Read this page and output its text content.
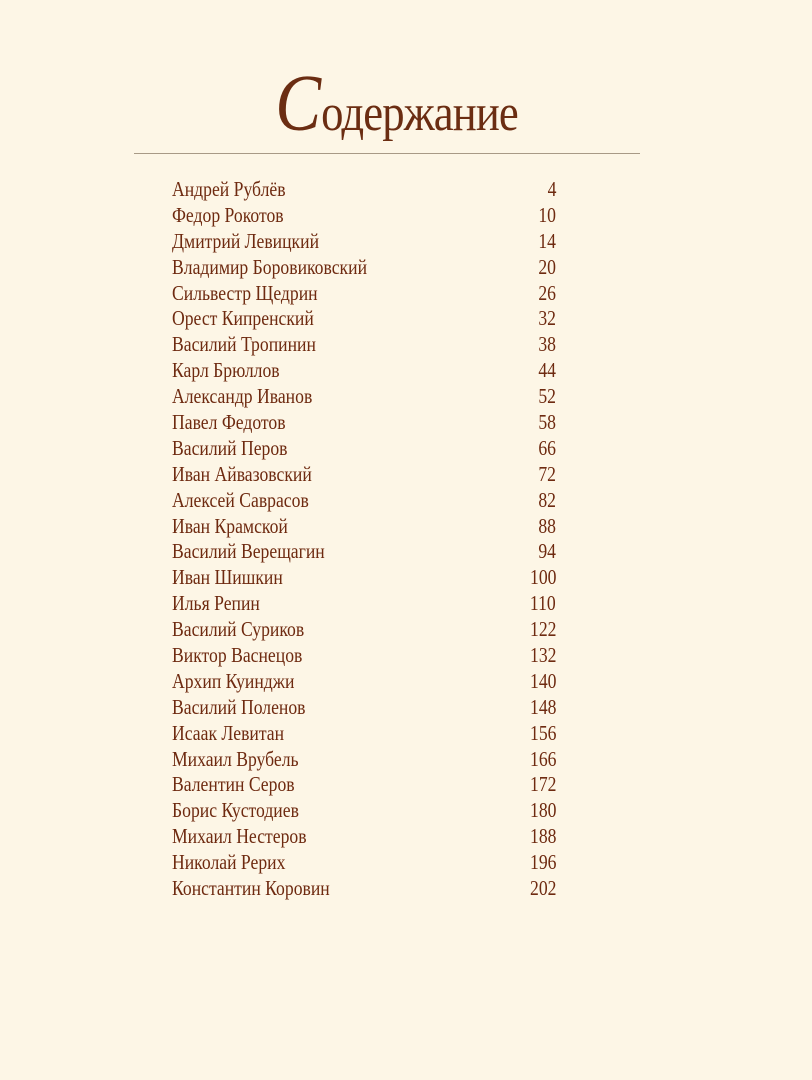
Содержание
Андрей Рублёв	4
Федор Рокотов	10
Дмитрий Левицкий	14
Владимир Боровиковский	20
Сильвестр Щедрин	26
Орест Кипренский	32
Василий Тропинин	38
Карл Брюллов	44
Александр Иванов	52
Павел Федотов	58
Василий Перов	66
Иван Айвазовский	72
Алексей Саврасов	82
Иван Крамской	88
Василий Верещагин	94
Иван Шишкин	100
Илья Репин	110
Василий Суриков	122
Виктор Васнецов	132
Архип Куинджи	140
Василий Поленов	148
Исаак Левитан	156
Михаил Врубель	166
Валентин Серов	172
Борис Кустодиев	180
Михаил Нестеров	188
Николай Рерих	196
Константин Коровин	202
